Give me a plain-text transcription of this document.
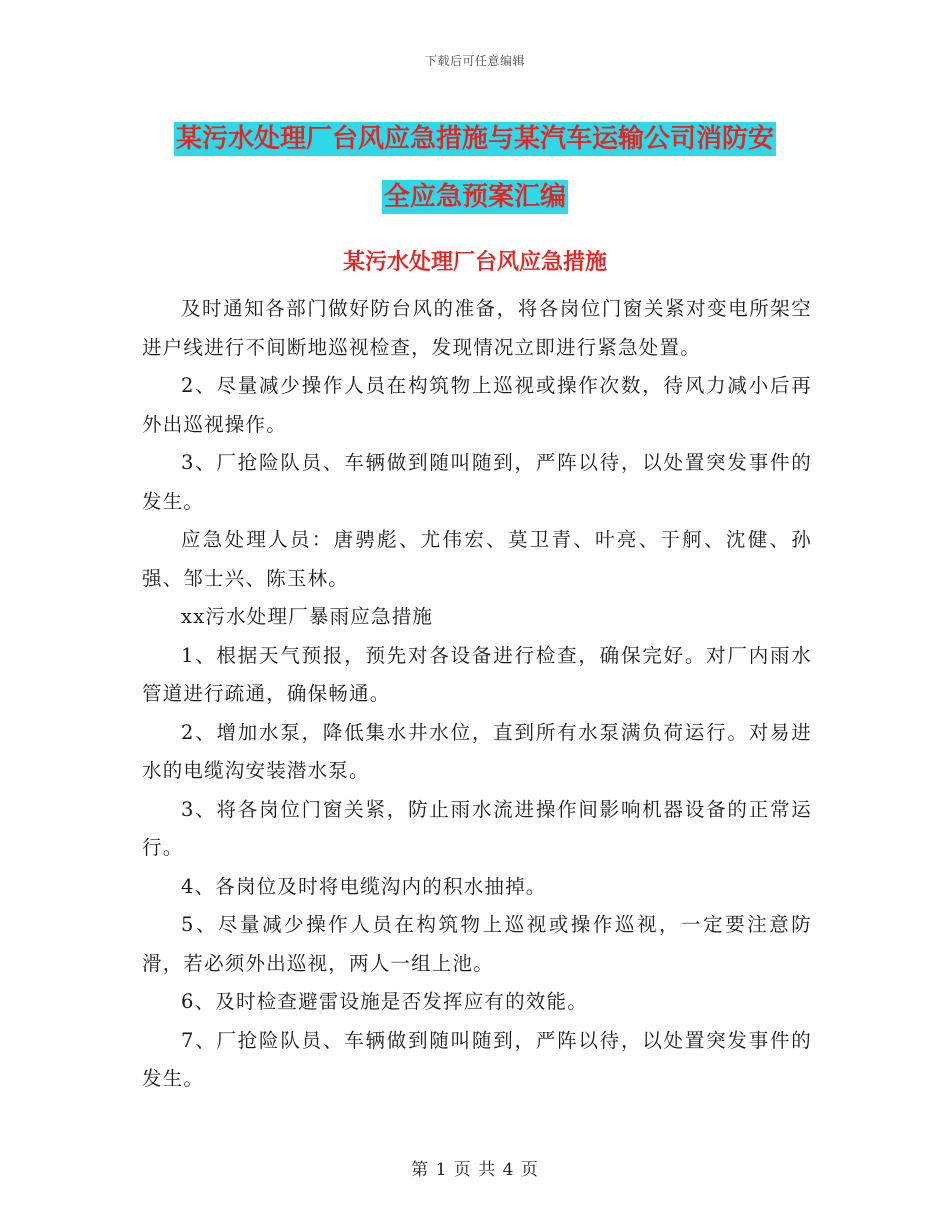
下载后可任意编辑
某污水处理厂台风应急措施与某汽车运输公司消防安
全应急预案汇编
某污水处理厂台风应急措施

及时通知各部门做好防台风的准备，将各岗位门窗关紧对变电所架空进户线进行不间断地巡视检查，发现情况立即进行紧急处置。

2、尽量减少操作人员在构筑物上巡视或操作次数，待风力减小后再外出巡视操作。

3、厂抢险队员、车辆做到随叫随到，严阵以待，以处置突发事件的发生。

应急处理人员：唐骋彪、尤伟宏、莫卫青、叶亮、于舸、沈健、孙强、邹士兴、陈玉林。

xx污水处理厂暴雨应急措施

1、根据天气预报，预先对各设备进行检查，确保完好。对厂内雨水管道进行疏通，确保畅通。

2、增加水泵，降低集水井水位，直到所有水泵满负荷运行。对易进水的电缆沟安装潜水泵。

3、将各岗位门窗关紧，防止雨水流进操作间影响机器设备的正常运行。

4、各岗位及时将电缆沟内的积水抽掉。

5、尽量减少操作人员在构筑物上巡视或操作巡视，一定要注意防滑，若必须外出巡视，两人一组上池。

6、及时检查避雷设施是否发挥应有的效能。

7、厂抢险队员、车辆做到随叫随到，严阵以待，以处置突发事件的发生。

第 1 页 共 4 页
